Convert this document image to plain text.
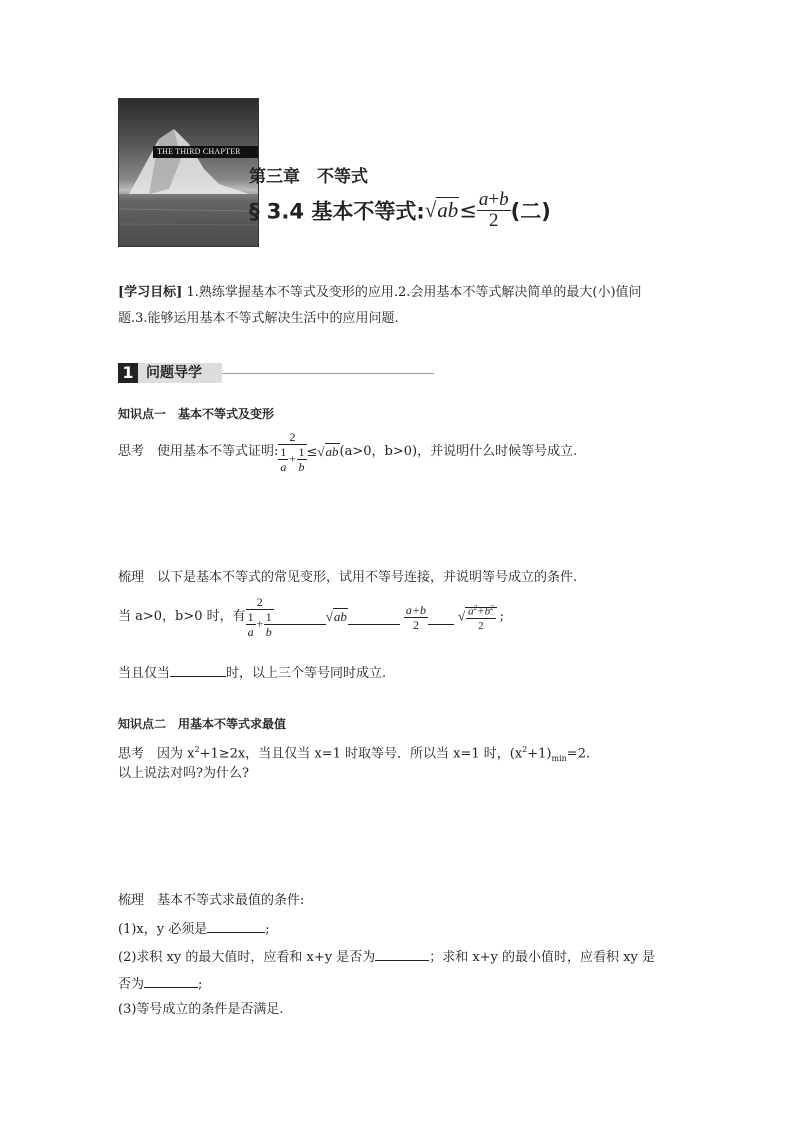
THE THIRD CHAPTER
第三章　不等式
§ 3.4 基本不等式:√ab≤ $\frac{a+b}{2}$ (二)
[学习目标] 1.熟练掌握基本不等式及变形的应用.2.会用基本不等式解决简单的最大(小)值问
题.3.能够运用基本不等式解决生活中的应用问题.
1 问题导学
知识点一　基本不等式及变形
思考　使用基本不等式证明: $\frac{2}{\frac{1}{a} + \frac{1}{b}} \le√ab(a>0$，b>0)，并说明什么时候等号成立.
梳理　以下是基本不等式的常见变形，试用不等号连接，并说明等号成立的条件.
当 a>0，b>0 时，有 $\frac{2}{\frac{1}{a} + \frac{1}{b}}$	√ab	$\frac{a+b}{2}$ √ $\frac{a^2+b^2}{2}$ ;
当且仅当	时，以上三个等号同时成立.
知识点二　用基本不等式求最值
思考　因为 $x^2+1\ge 2x$，当且仅当 x=1 时取等号．所以当 x=1 时，$(x^2+1)_{min}=2$.
以上说法对吗?为什么?
梳理　基本不等式求最值的条件:
(1)x，y 必须是	;
(2)求积 xy 的最大值时，应看和 x+y 是否为	；求和 x+y 的最小值时，应看积 xy 是
否为	;
(3)等号成立的条件是否满足.
